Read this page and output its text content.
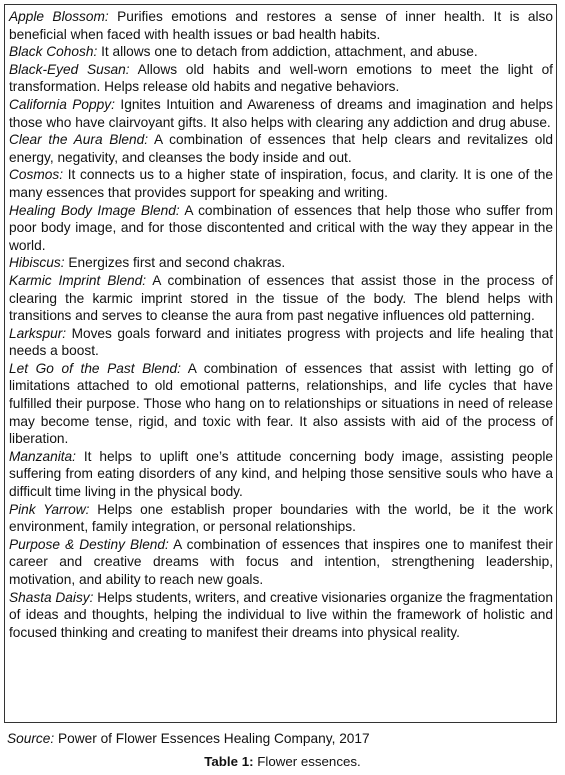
Apple Blossom: Purifies emotions and restores a sense of inner health. It is also beneficial when faced with health issues or bad health habits.

Black Cohosh: It allows one to detach from addiction, attachment, and abuse.

Black-Eyed Susan: Allows old habits and well-worn emotions to meet the light of transformation. Helps release old habits and negative behaviors.

California Poppy: Ignites Intuition and Awareness of dreams and imagination and helps those who have clairvoyant gifts. It also helps with clearing any addiction and drug abuse.

Clear the Aura Blend: A combination of essences that help clears and revitalizes old energy, negativity, and cleanses the body inside and out.

Cosmos: It connects us to a higher state of inspiration, focus, and clarity. It is one of the many essences that provides support for speaking and writing.

Healing Body Image Blend: A combination of essences that help those who suffer from poor body image, and for those discontented and critical with the way they appear in the world.

Hibiscus: Energizes first and second chakras.

Karmic Imprint Blend: A combination of essences that assist those in the process of clearing the karmic imprint stored in the tissue of the body. The blend helps with transitions and serves to cleanse the aura from past negative influences old patterning.

Larkspur: Moves goals forward and initiates progress with projects and life healing that needs a boost.

Let Go of the Past Blend: A combination of essences that assist with letting go of limitations attached to old emotional patterns, relationships, and life cycles that have fulfilled their purpose. Those who hang on to relationships or situations in need of release may become tense, rigid, and toxic with fear. It also assists with aid of the process of liberation.

Manzanita: It helps to uplift one’s attitude concerning body image, assisting people suffering from eating disorders of any kind, and helping those sensitive souls who have a difficult time living in the physical body.

Pink Yarrow: Helps one establish proper boundaries with the world, be it the work environment, family integration, or personal relationships.

Purpose & Destiny Blend: A combination of essences that inspires one to manifest their career and creative dreams with focus and intention, strengthening leadership, motivation, and ability to reach new goals.

Shasta Daisy: Helps students, writers, and creative visionaries organize the fragmentation of ideas and thoughts, helping the individual to live within the framework of holistic and focused thinking and creating to manifest their dreams into physical reality.

Source: Power of Flower Essences Healing Company, 2017
Table 1: Flower essences.
